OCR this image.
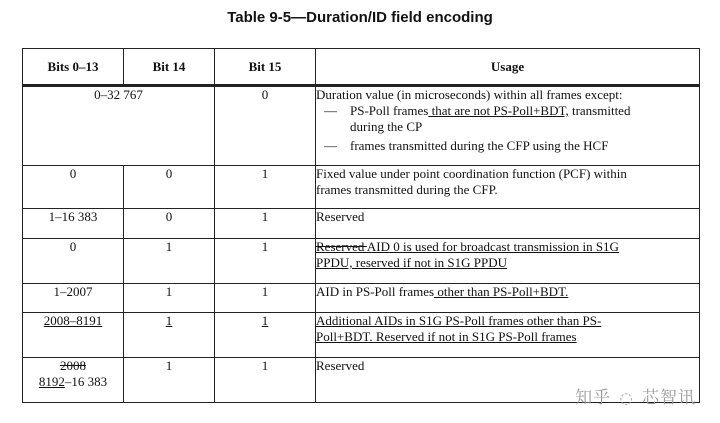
Table 9-5—Duration/ID field encoding
Bits 0–13	Bit 14	Bit 15	Usage
0–32 767		0	Duration value (in microseconds) within all frames except:
— PS-Poll frames that are not PS-Poll+BDT, transmitted
during the CP
— frames transmitted during the CFP using the HCF

0	0	1	Fixed value under point coordination function (PCF) within
frames transmitted during the CFP.

1–16 383	0	1	Reserved
0	1	1	Reserved AID 0 is used for broadcast transmission in S1G
PPDU, reserved if not in S1G PPDU

1–2007	1	1	AID in PS-Poll frames other than PS-Poll+BDT.
2008–8191	1	1	Additional AIDs in S1G PS-Poll frames other than PS-
Poll+BDT. Reserved if not in S1G PS-Poll frames

2008
8192–16 383	1	1	Reserved
知乎 ◌ 芯智讯
